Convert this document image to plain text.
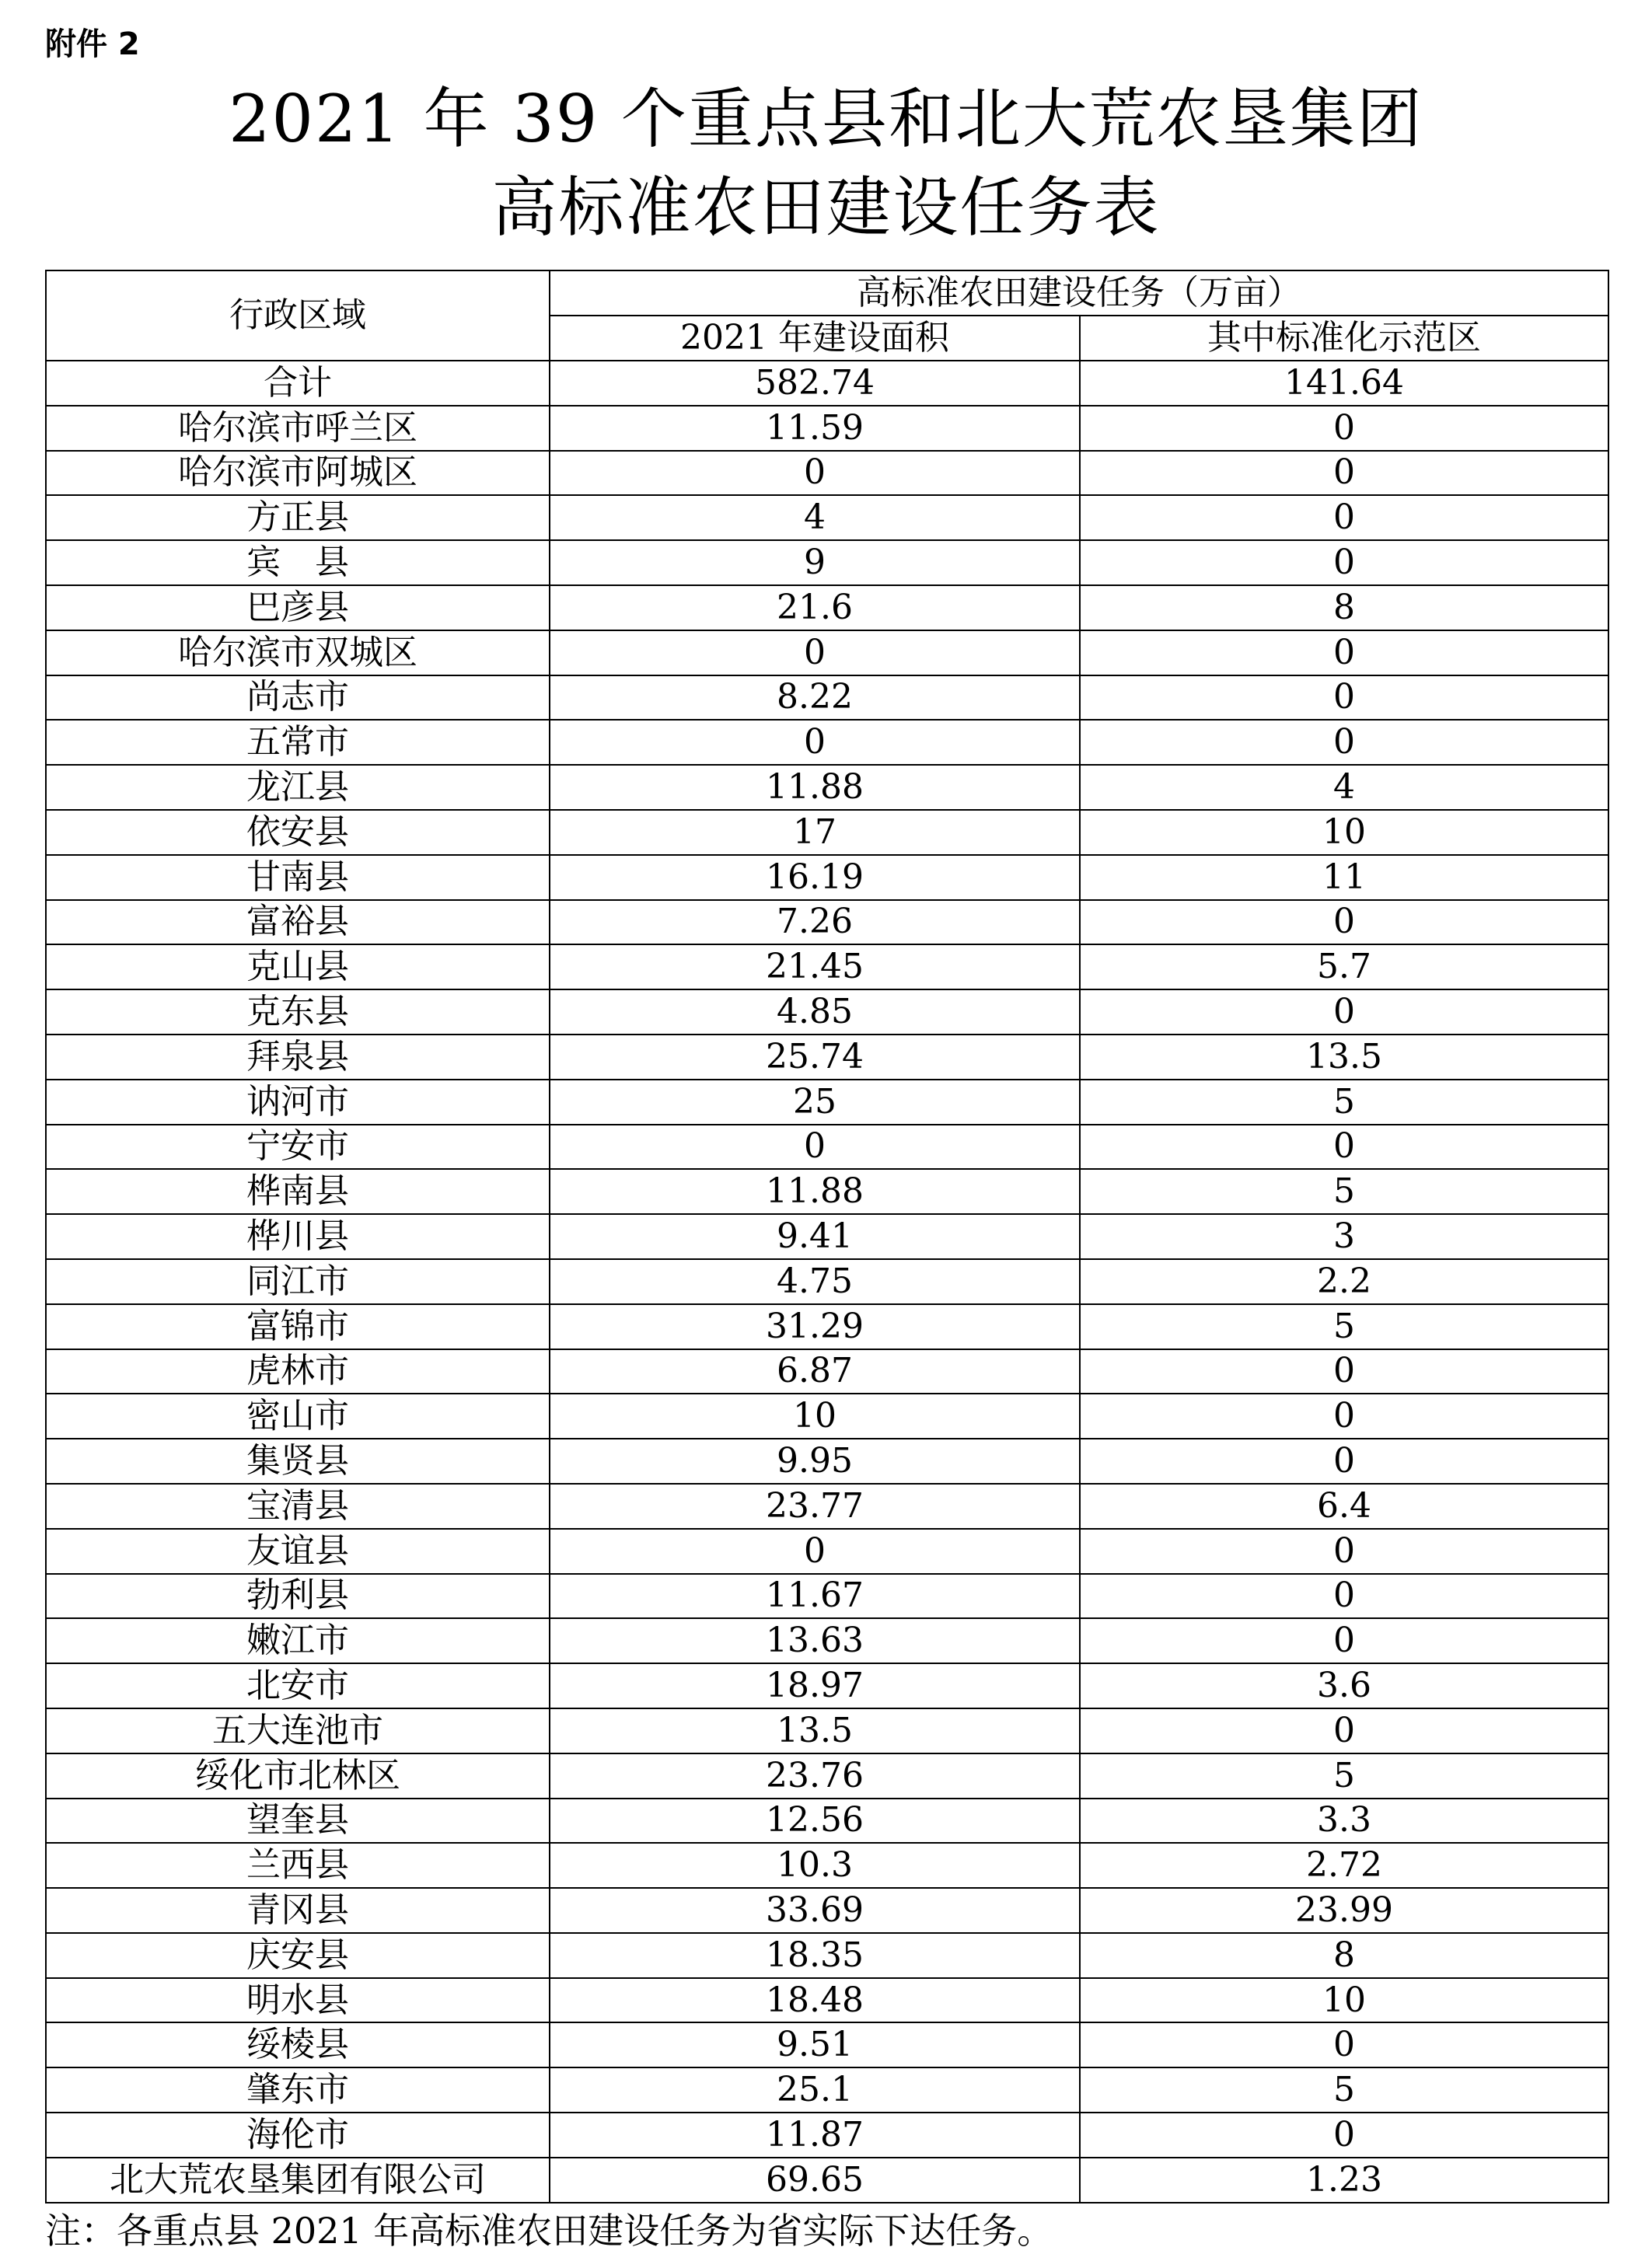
附件 2
2021 年 39 个重点县和北大荒农垦集团
高标准农田建设任务表
行政区域	高标准农田建设任务（万亩）	
	2021 年建设面积	其中标准化示范区
合计	582.74	141.64
哈尔滨市呼兰区	11.59	0
哈尔滨市阿城区	0	0
方正县	4	0
宾　县	9	0
巴彦县	21.6	8
哈尔滨市双城区	0	0
尚志市	8.22	0
五常市	0	0
龙江县	11.88	4
依安县	17	10
甘南县	16.19	11
富裕县	7.26	0
克山县	21.45	5.7
克东县	4.85	0
拜泉县	25.74	13.5
讷河市	25	5
宁安市	0	0
桦南县	11.88	5
桦川县	9.41	3
同江市	4.75	2.2
富锦市	31.29	5
虎林市	6.87	0
密山市	10	0
集贤县	9.95	0
宝清县	23.77	6.4
友谊县	0	0
勃利县	11.67	0
嫩江市	13.63	0
北安市	18.97	3.6
五大连池市	13.5	0
绥化市北林区	23.76	5
望奎县	12.56	3.3
兰西县	10.3	2.72
青冈县	33.69	23.99
庆安县	18.35	8
明水县	18.48	10
绥棱县	9.51	0
肇东市	25.1	5
海伦市	11.87	0
北大荒农垦集团有限公司	69.65	1.23
注：各重点县 2021 年高标准农田建设任务为省实际下达任务。
